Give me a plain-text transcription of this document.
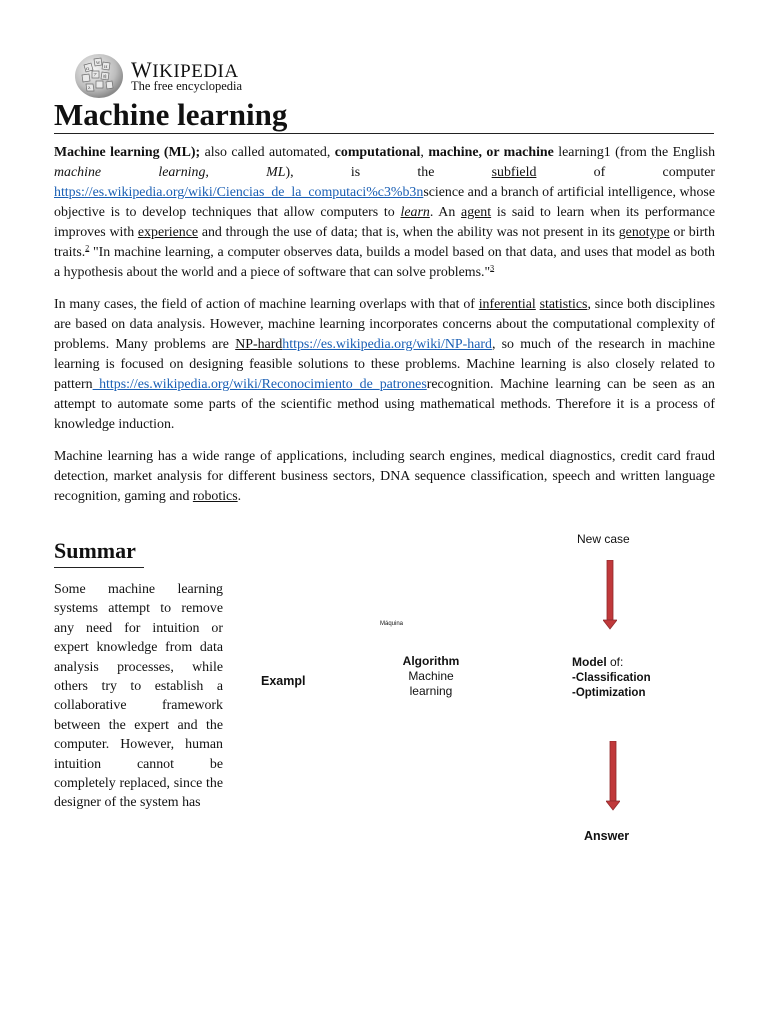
Ω
W
И
ア 維
λ
WIKIPEDIA
The free encyclopedia
Machine learning

Machine learning (ML); also called automated, computational, machine, or machine learning1 (from the English machine learning, ML), is the subfield of computer https://es.wikipedia.org/wiki/Ciencias_de_la_computaci%c3%b3nscience and a branch of artificial intelligence, whose objective is to develop techniques that allow computers to learn. An agent is said to learn when its performance improves with experience and through the use of data; that is, when the ability was not present in its genotype or birth traits.$^2$ "In machine learning, a computer observes data, builds a model based on that data, and uses that model as both a hypothesis about the world and a piece of software that can solve problems."$^3$

In many cases, the field of action of machine learning overlaps with that of inferential statistics, since both disciplines are based on data analysis. However, machine learning incorporates concerns about the computational complexity of problems. Many problems are NP-hardhttps://es.wikipedia.org/wiki/NP-hard, so much of the research in machine learning is focused on designing feasible solutions to these problems. Machine learning is also closely related to pattern https://es.wikipedia.org/wiki/Reconocimiento_de_patronesrecognition. Machine learning can be seen as an attempt to automate some parts of the scientific method using mathematical methods. Therefore it is a process of knowledge induction.

Machine learning has a wide range of applications, including search engines, medical diagnostics, credit card fraud detection, market analysis for different business sectors, DNA sequence classification, speech and written language recognition, gaming and robotics.

Summar

Some machine learning systems attempt to remove any need for intuition or expert knowledge from data analysis processes, while others try to establish a collaborative framework between the expert and the computer. However, human intuition cannot be completely replaced, since the designer of the system has

New case
Máquina
Exampl
Algorithm
Machine
learning
Model of:
-Classification
-Optimization
Answer
